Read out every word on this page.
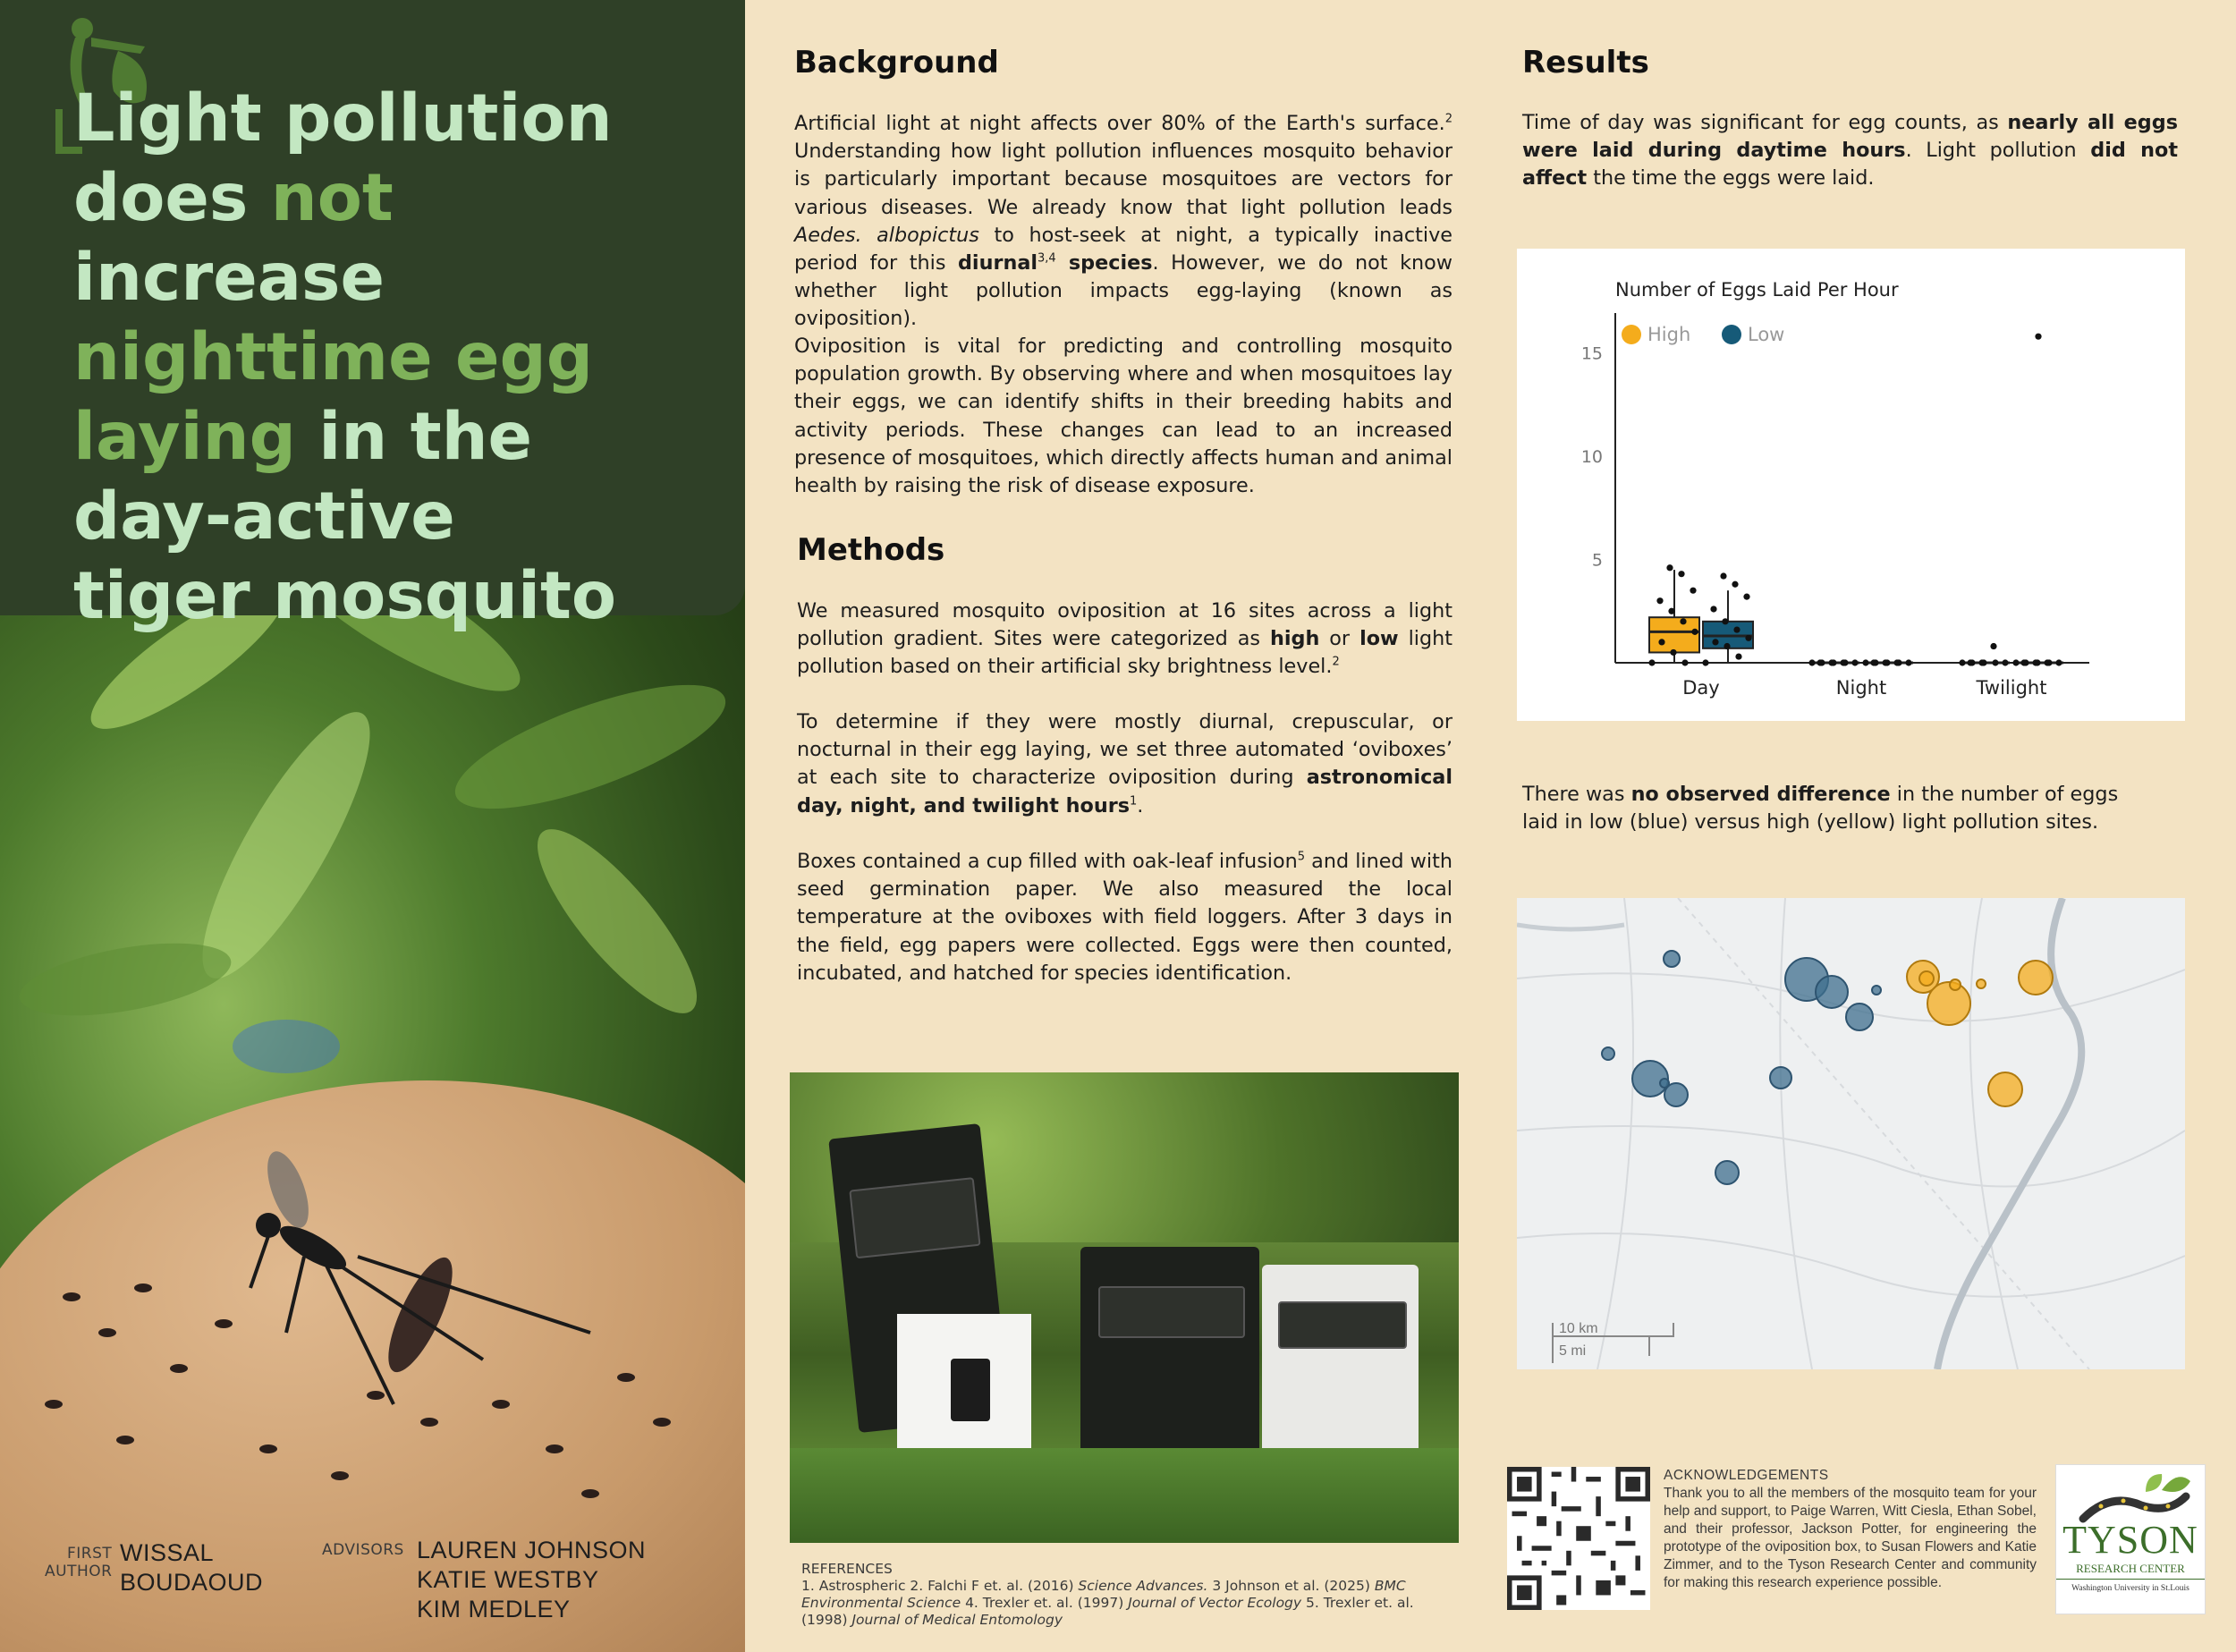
Light pollution
does not increase
nighttime egg
laying in the
day-active
tiger mosquito
FIRST
AUTHOR
WISSAL
BOUDAOUD
ADVISORS LAUREN JOHNSON
KATIE WESTBY
KIM MEDLEY
Background

Artificial light at night affects over 80% of the Earth's surface.$^2$ Understanding how light pollution influences mosquito behavior is particularly important because mosquitoes are vectors for various diseases. We already know that light pollution leads Aedes. albopictus to host-seek at night, a typically inactive period for this diurnal$^{3,4}$ species. However, we do not know whether light pollution impacts egg-laying (known as oviposition).

Oviposition is vital for predicting and controlling mosquito population growth. By observing where and when mosquitoes lay their eggs, we can identify shifts in their breeding habits and activity periods. These changes can lead to an increased presence of mosquitoes, which directly affects human and animal health by raising the risk of disease exposure.

Methods

We measured mosquito oviposition at 16 sites across a light pollution gradient. Sites were categorized as high or low light pollution based on their artificial sky brightness level.$^2$

To determine if they were mostly diurnal, crepuscular, or nocturnal in their egg laying, we set three automated ‘oviboxes’ at each site to characterize oviposition during astronomical day, night, and twilight hours$^1$.

Boxes contained a cup filled with oak-leaf infusion$^5$ and lined with seed germination paper. We also measured the local temperature at the oviboxes with field loggers. After 3 days in the field, egg papers were collected. Eggs were then counted, incubated, and hatched for species identification.

REFERENCES
1. Astrospheric 2. Falchi F et. al. (2016) Science Advances. 3 Johnson et al. (2025) BMC Environmental Science 4. Trexler et. al. (1997) Journal of Vector Ecology 5. Trexler et. al. (1998) Journal of Medical Entomology
Results

Time of day was significant for egg counts, as nearly all eggs were laid during daytime hours. Light pollution did not affect the time the eggs were laid.

Number of Eggs Laid Per Hour
5
10
15
Day	Night	Twilight
High	Low

There was no observed difference in the number of eggs laid in low (blue) versus high (yellow) light pollution sites.

10 km
5 mi
ACKNOWLEDGEMENTS
Thank you to all the members of the mosquito team for your help and support, to Paige Warren, Witt Ciesla, Ethan Sobel, and their professor, Jackson Potter, for engineering the prototype of the oviposition box, to Susan Flowers and Katie Zimmer, and to the Tyson Research Center and community for making this research experience possible.
TYSON
RESEARCH CENTER
Washington University in St.Louis
